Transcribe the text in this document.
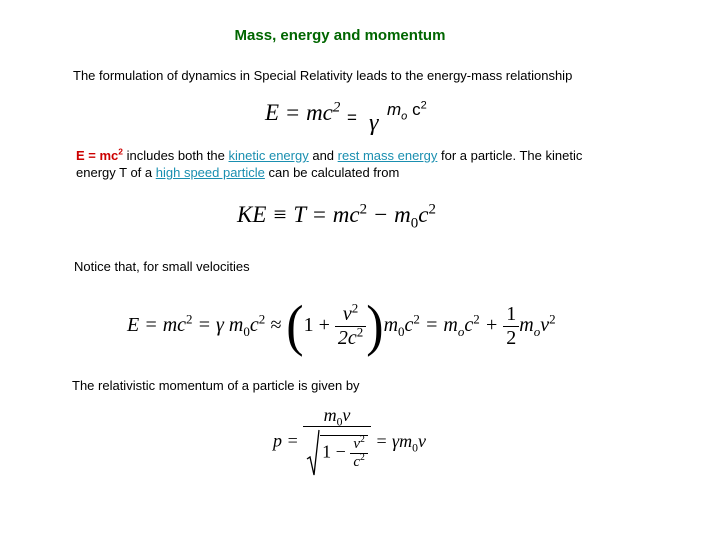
Mass, energy and momentum
The formulation of dynamics in Special Relativity leads to the energy-mass relationship
$E = mc^2$
= γ
$m_o$ $c^2$
$E = mc^2$ includes both the kinetic energy and rest mass energy for a particle. The kinetic
energy T of a high speed particle can be calculated from
KE ≡ $T = mc^2 - m_0c^2$
Notice that, for small velocities
$E = mc^2 = \gamma$ $m_0c^2 \approx (1 + \frac{v^2}{2c^2} )m_0c^2 = m_oc^2 + \frac{1}{2} m_ov^2$
The relativistic momentum of a particle is given by
$p = \frac{m_0v}{1 - \frac{v^2}{c^2}} = \gamma m_0v$
